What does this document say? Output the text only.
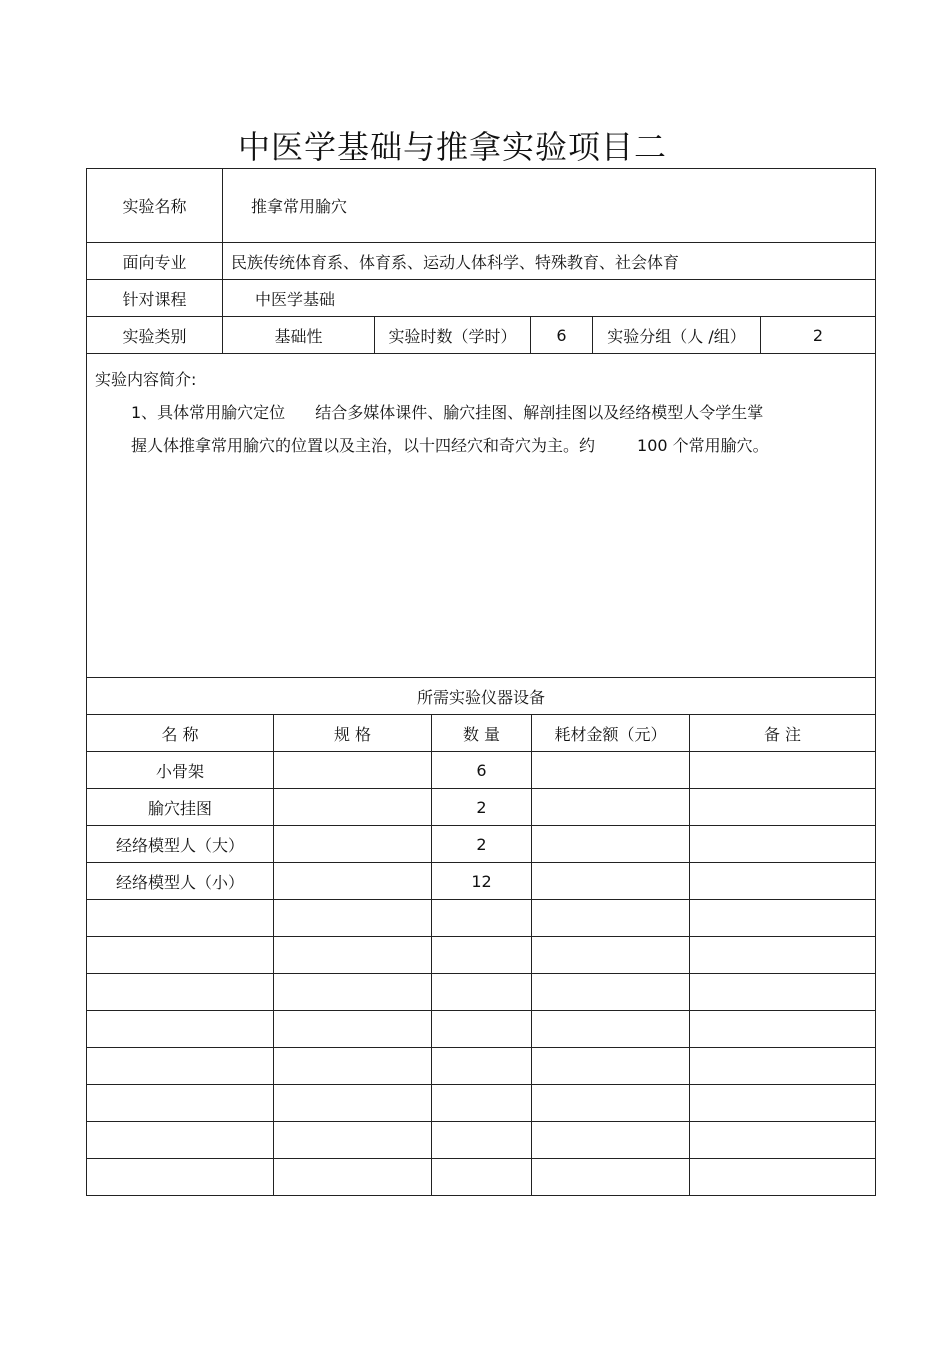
中医学基础与推拿实验项目二
实验名称	推拿常用腧穴				
面向专业	民族传统体育系、体育系、运动人体科学、特殊教育、社会体育				
针对课程	中医学基础				
实验类别	基础性	实验时数（学时）	6	实验分组（人 /组）	2

实验内容简介:
1、具体常用腧穴定位 结合多媒体课件、腧穴挂图、解剖挂图以及经络模型人令学生掌
握人体推拿常用腧穴的位置以及主治，以十四经穴和奇穴为主。约 100 个常用腧穴。					
所需实验仪器设备				
名 称	规 格	数 量	耗材金额（元）	备 注
小骨架		6		
腧穴挂图		2		
经络模型人（大）		2		
经络模型人（小）		12		
